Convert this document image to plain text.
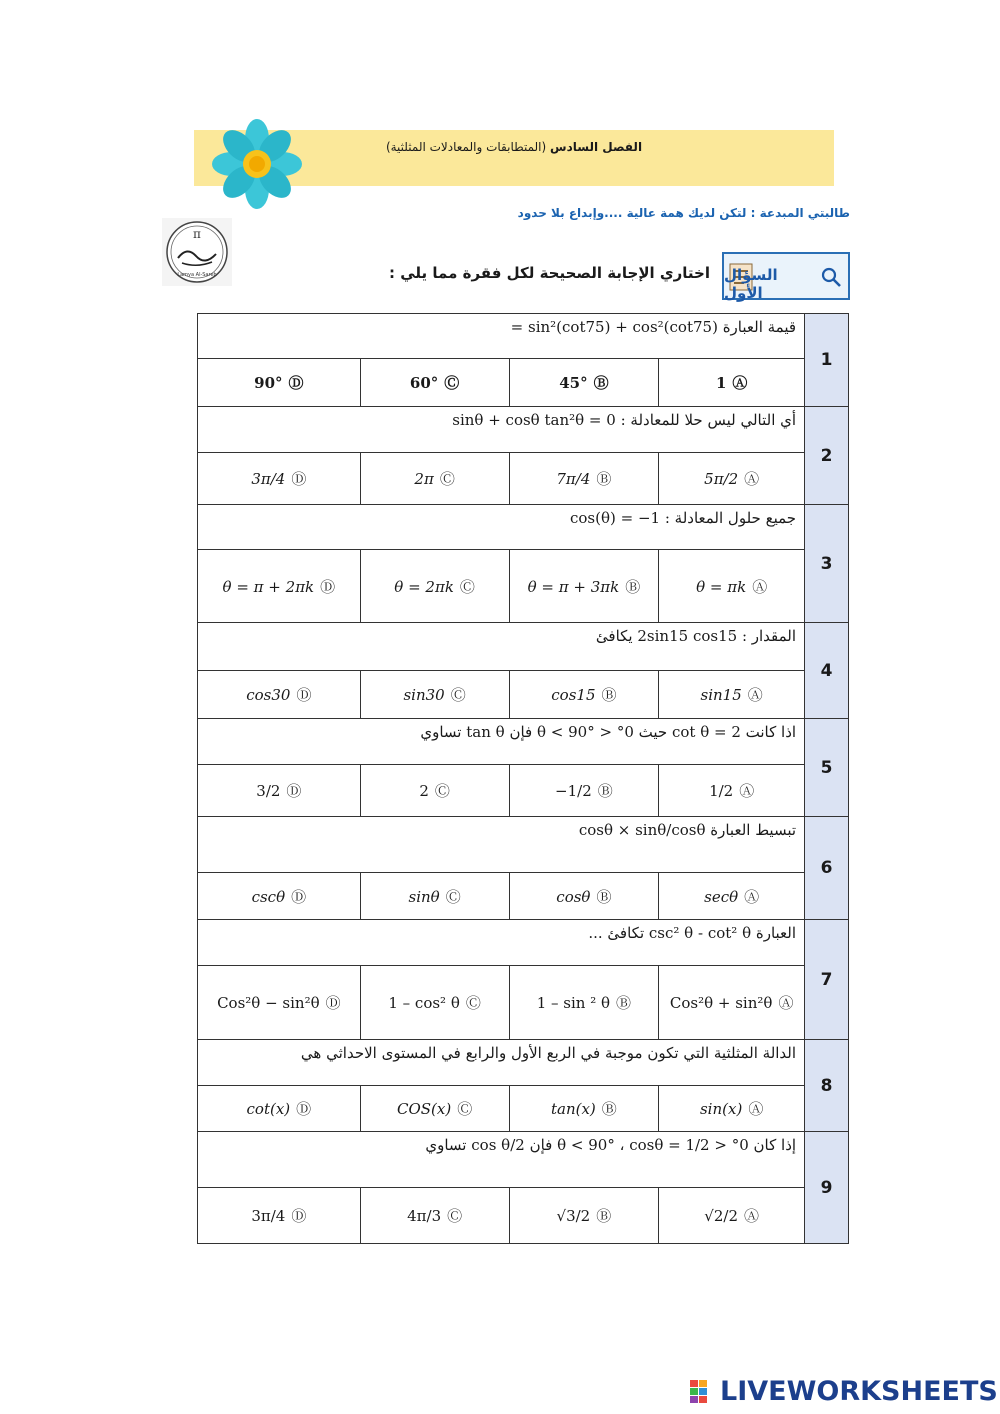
الفصل السادس (المتطابقات والمعادلات المثلثية)
طالبتي المبدعة : لتكن لديك همة عالية ....وإبداع بلا حدود
π
Lamya Al-Sareh	السؤال الأول
اختاري الإجابة الصحيحة لكل فقرة مما يلي :
قيمة العبارة sin²(cot75) + cos²(cot75) =				1
90° Ⓓ	60° Ⓒ	45° Ⓑ	1 Ⓐ	
أي التالي ليس حلا للمعادلة : sinθ + cosθ tan²θ = 0				2
3π/4 Ⓓ	2π Ⓒ	7π/4 Ⓑ	5π/2 Ⓐ	
جميع حلول المعادلة : cos(θ) = −1				3
θ = π + 2πk Ⓓ	θ = 2πk Ⓒ	θ = π + 3πk Ⓑ	θ = πk Ⓐ	
المقدار : 2sin15 cos15 يكافئ				4
cos30 Ⓓ	sin30 Ⓒ	cos15 Ⓑ	sin15 Ⓐ	
اذا كانت cot θ = 2 حيث 0° < θ < 90° فإن tan θ تساوي				5
3/2 Ⓓ	2 Ⓒ	−1/2 Ⓑ	1/2 Ⓐ	
تبسيط العبارة cosθ × sinθ/cosθ				6
cscθ Ⓓ	sinθ Ⓒ	cosθ Ⓑ	secθ Ⓐ	
العبارة csc² θ - cot² θ تكافئ ...				7
Cos²θ − sin²θ Ⓓ	1 – cos² θ Ⓒ	1 – sin ² θ Ⓑ	Cos²θ + sin²θ Ⓐ	
الدالة المثلثية التي تكون موجبة في الربع الأول والرابع في المستوى الاحداثي هي				8
cot(x) Ⓓ	COS(x) Ⓒ	tan(x) Ⓑ	sin(x) Ⓐ	
إذا كان 0° < θ < 90° ، cosθ = 1/2 فإن cos θ/2 تساوي				9
3π/4 Ⓓ	4π/3 Ⓒ	√3/2 Ⓑ	√2/2 Ⓐ	
LIVEWORKSHEETS
